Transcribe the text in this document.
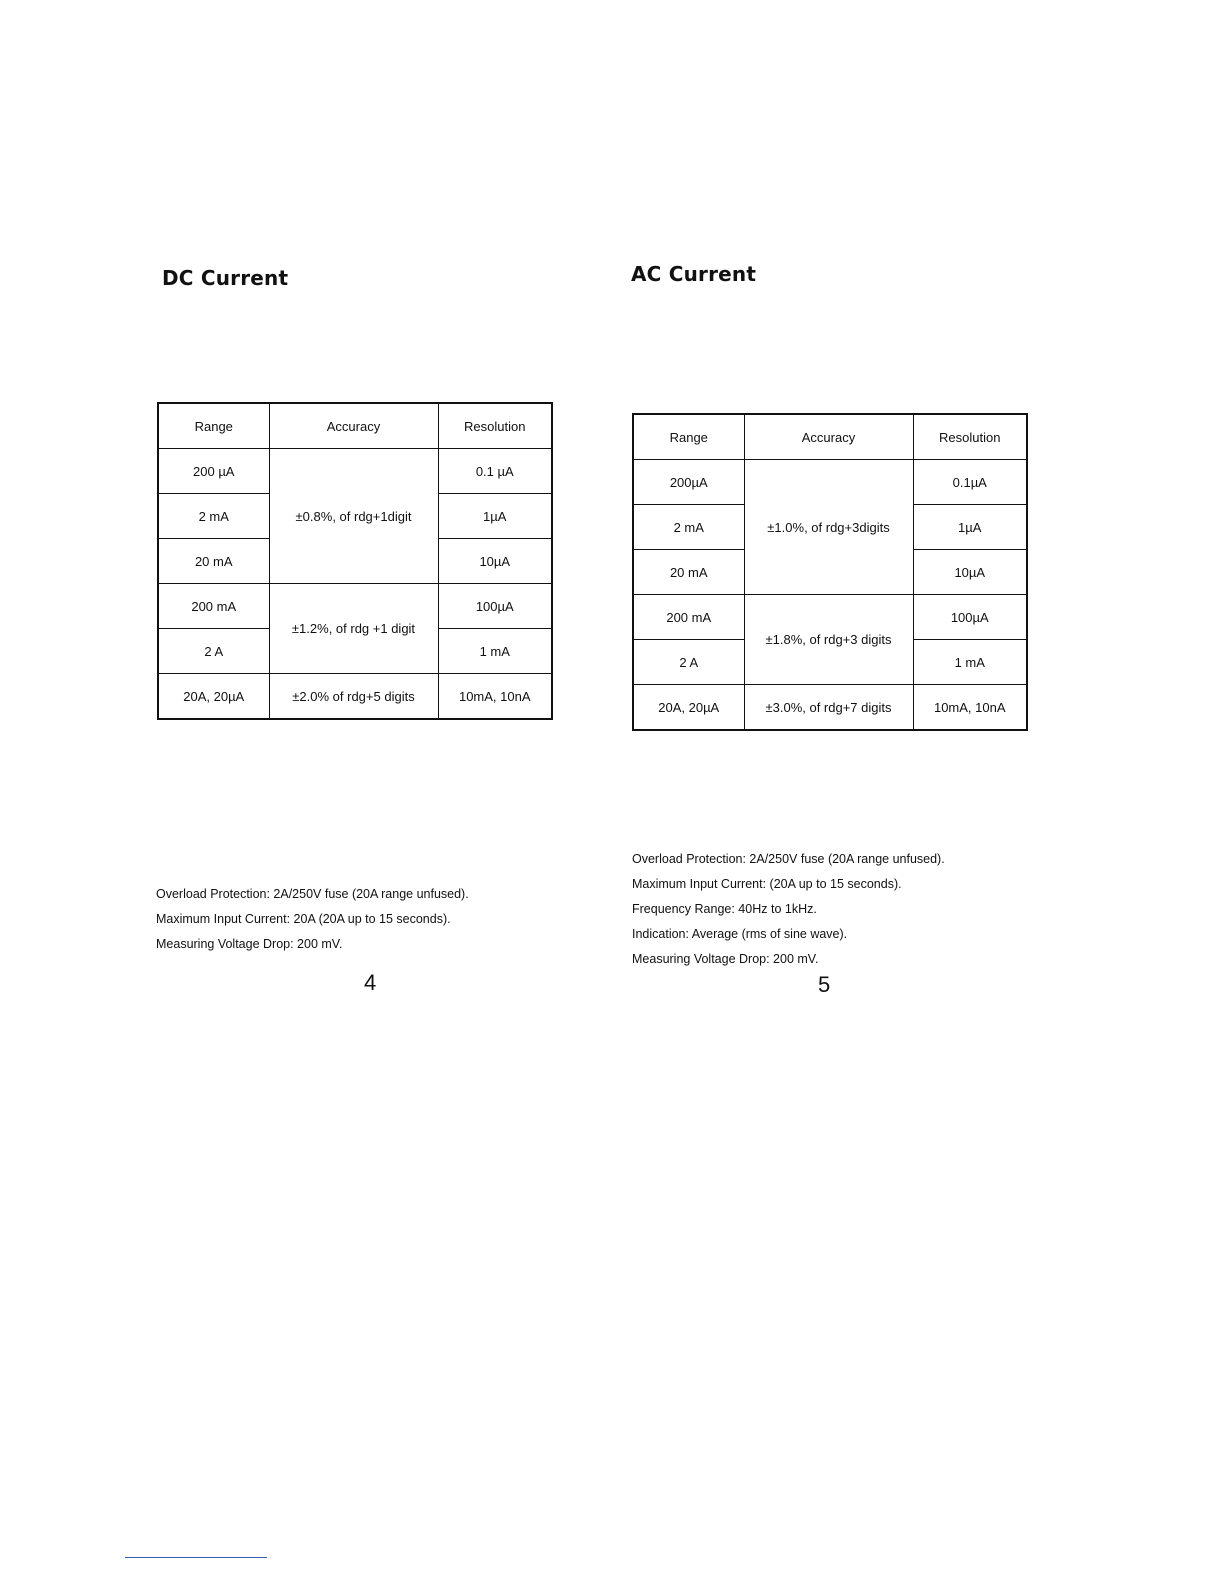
DC Current
Range	Accuracy	Resolution
200 µA	±0.8%, of rdg+1digit	0.1 µA
2 mA		1µA
20 mA		10µA
200 mA	±1.2%, of rdg +1 digit	100µA
2 A		1 mA
20A, 20µA	±2.0% of rdg+5 digits	10mA, 10nA
Overload Protection: 2A/250V fuse (20A range unfused).
Maximum Input Current: 20A (20A up to 15 seconds).
Measuring Voltage Drop: 200 mV.
4
AC Current
Range	Accuracy	Resolution
200µA	±1.0%, of rdg+3digits	0.1µA
2 mA		1µA
20 mA		10µA
200 mA	±1.8%, of rdg+3 digits	100µA
2 A		1 mA
20A, 20µA	±3.0%, of rdg+7 digits	10mA, 10nA
Overload Protection: 2A/250V fuse (20A range unfused).
Maximum Input Current: (20A up to 15 seconds).
Frequency Range: 40Hz to 1kHz.
Indication: Average (rms of sine wave).
Measuring Voltage Drop: 200 mV.
5
